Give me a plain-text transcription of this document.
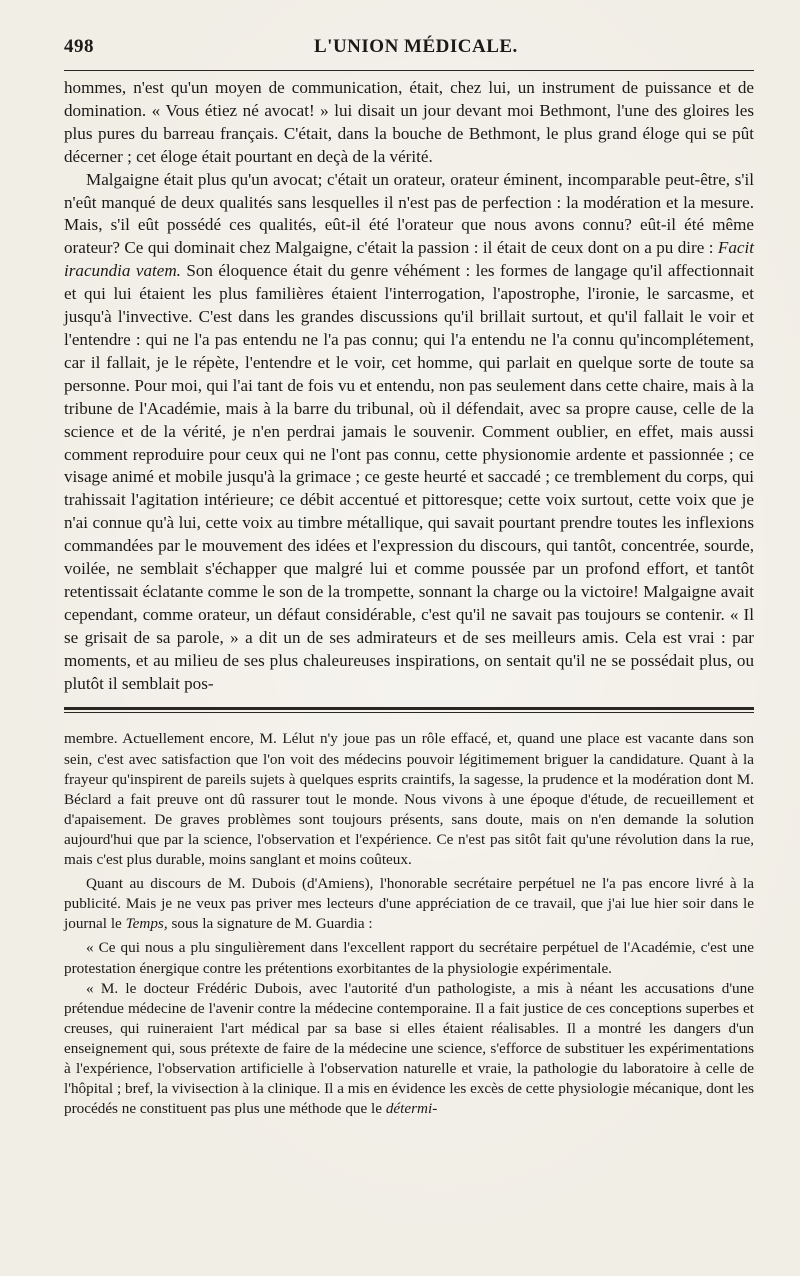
498	L'UNION MÉDICALE.

hommes, n'est qu'un moyen de communication, était, chez lui, un instrument de puissance et de domination. « Vous étiez né avocat! » lui disait un jour devant moi Bethmont, l'une des gloires les plus pures du barreau français. C'était, dans la bouche de Bethmont, le plus grand éloge qui se pût décerner ; cet éloge était pourtant en deçà de la vérité.

Malgaigne était plus qu'un avocat; c'était un orateur, orateur éminent, incomparable peut-être, s'il n'eût manqué de deux qualités sans lesquelles il n'est pas de perfection : la modération et la mesure. Mais, s'il eût possédé ces qualités, eût-il été l'orateur que nous avons connu? eût-il été même orateur? Ce qui dominait chez Malgaigne, c'était la passion : il était de ceux dont on a pu dire : Facit iracundia vatem. Son éloquence était du genre véhément : les formes de langage qu'il affectionnait et qui lui étaient les plus familières étaient l'interrogation, l'apostrophe, l'ironie, le sarcasme, et jusqu'à l'invective. C'est dans les grandes discussions qu'il brillait surtout, et qu'il fallait le voir et l'entendre : qui ne l'a pas entendu ne l'a pas connu; qui l'a entendu ne l'a connu qu'incomplétement, car il fallait, je le répète, l'entendre et le voir, cet homme, qui parlait en quelque sorte de toute sa personne. Pour moi, qui l'ai tant de fois vu et entendu, non pas seulement dans cette chaire, mais à la tribune de l'Académie, mais à la barre du tribunal, où il défendait, avec sa propre cause, celle de la science et de la vérité, je n'en perdrai jamais le souvenir. Comment oublier, en effet, mais aussi comment reproduire pour ceux qui ne l'ont pas connu, cette physionomie ardente et passionnée ; ce visage animé et mobile jusqu'à la grimace ; ce geste heurté et saccadé ; ce tremblement du corps, qui trahissait l'agitation intérieure; ce débit accentué et pittoresque; cette voix surtout, cette voix que je n'ai connue qu'à lui, cette voix au timbre métallique, qui savait pourtant prendre toutes les inflexions commandées par le mouvement des idées et l'expression du discours, qui tantôt, concentrée, sourde, voilée, ne semblait s'échapper que malgré lui et comme poussée par un profond effort, et tantôt retentissait éclatante comme le son de la trompette, sonnant la charge ou la victoire! Malgaigne avait cependant, comme orateur, un défaut considérable, c'est qu'il ne savait pas toujours se contenir. « Il se grisait de sa parole, » a dit un de ses admirateurs et de ses meilleurs amis. Cela est vrai : par moments, et au milieu de ses plus chaleureuses inspirations, on sentait qu'il ne se possédait plus, ou plutôt il semblait pos-

membre. Actuellement encore, M. Lélut n'y joue pas un rôle effacé, et, quand une place est vacante dans son sein, c'est avec satisfaction que l'on voit des médecins pouvoir légitimement briguer la candidature. Quant à la frayeur qu'inspirent de pareils sujets à quelques esprits craintifs, la sagesse, la prudence et la modération dont M. Béclard a fait preuve ont dû rassurer tout le monde. Nous vivons à une époque d'étude, de recueillement et d'apaisement. De graves problèmes sont toujours présents, sans doute, mais on n'en demande la solution aujourd'hui que par la science, l'observation et l'expérience. Ce n'est pas sitôt fait qu'une révolution dans la rue, mais c'est plus durable, moins sanglant et moins coûteux.

Quant au discours de M. Dubois (d'Amiens), l'honorable secrétaire perpétuel ne l'a pas encore livré à la publicité. Mais je ne veux pas priver mes lecteurs d'une appréciation de ce travail, que j'ai lue hier soir dans le journal le Temps, sous la signature de M. Guardia :

« Ce qui nous a plu singulièrement dans l'excellent rapport du secrétaire perpétuel de l'Académie, c'est une protestation énergique contre les prétentions exorbitantes de la physiologie expérimentale.

« M. le docteur Frédéric Dubois, avec l'autorité d'un pathologiste, a mis à néant les accusations d'une prétendue médecine de l'avenir contre la médecine contemporaine. Il a fait justice de ces conceptions superbes et creuses, qui ruineraient l'art médical par sa base si elles étaient réalisables. Il a montré les dangers d'un enseignement qui, sous prétexte de faire de la médecine une science, s'efforce de substituer les expérimentations à l'expérience, l'observation artificielle à l'observation naturelle et vraie, la pathologie du laboratoire à celle de l'hôpital ; bref, la vivisection à la clinique. Il a mis en évidence les excès de cette physiologie mécanique, dont les procédés ne constituent pas plus une méthode que le détermi-
